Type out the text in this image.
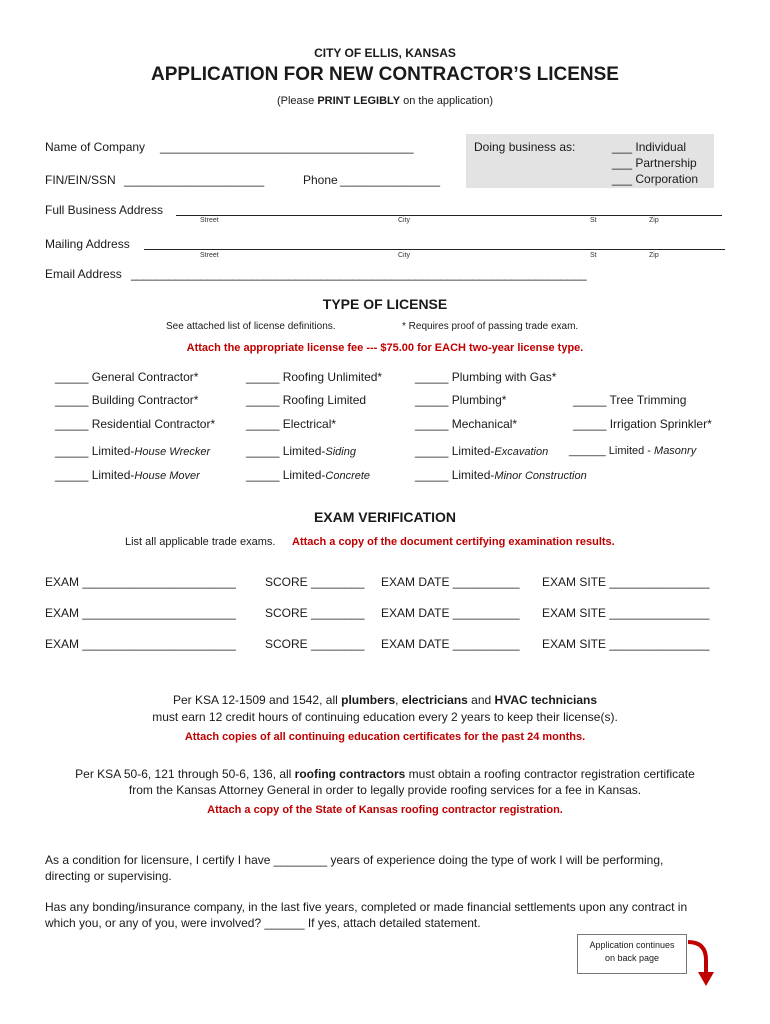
CITY OF ELLIS, KANSAS
APPLICATION FOR NEW CONTRACTOR’S LICENSE
(Please PRINT LEGIBLY on the application)
Name of Company ______________________________________	Doing business as:	___ Individual
___ Partnership
___ Corporation
FIN/EIN/SSN _____________________	Phone _______________
Full Business Address
Street	City	St	Zip
Mailing Address
Street	City	St	Zip
Email Address ________________________________________________________________________
TYPE OF LICENSE
See attached list of license definitions.	* Requires proof of passing trade exam.
Attach the appropriate license fee --- $75.00 for EACH two-year license type.
_____ General Contractor*	_____ Roofing Unlimited*	_____ Plumbing with Gas*
_____ Building Contractor*	_____ Roofing Limited	_____ Plumbing*	_____ Tree Trimming
_____ Residential Contractor*	_____ Electrical*	_____ Mechanical*	_____ Irrigation Sprinkler*
_____ Limited-House Wrecker	_____ Limited-Siding	_____ Limited-Excavation ______ Limited - Masonry
_____ Limited-House Mover	_____ Limited-Concrete	_____ Limited-Minor Construction
EXAM VERIFICATION
List all applicable trade exams. Attach a copy of the document certifying examination results.
EXAM _______________________ SCORE ________ EXAM DATE __________ EXAM SITE _______________
EXAM _______________________ SCORE ________ EXAM DATE __________ EXAM SITE _______________
EXAM _______________________ SCORE ________ EXAM DATE __________ EXAM SITE _______________
Per KSA 12-1509 and 1542, all plumbers, electricians and HVAC technicians
must earn 12 credit hours of continuing education every 2 years to keep their license(s).
Attach copies of all continuing education certificates for the past 24 months.
Per KSA 50-6, 121 through 50-6, 136, all roofing contractors must obtain a roofing contractor registration certificate
from the Kansas Attorney General in order to legally provide roofing services for a fee in Kansas.
Attach a copy of the State of Kansas roofing contractor registration.
As a condition for licensure, I certify I have ________ years of experience doing the type of work I will be performing,
directing or supervising.
Has any bonding/insurance company, in the last five years, completed or made financial settlements upon any contract in
which you, or any of you, were involved? ______ If yes, attach detailed statement.
Application continues
on back page
